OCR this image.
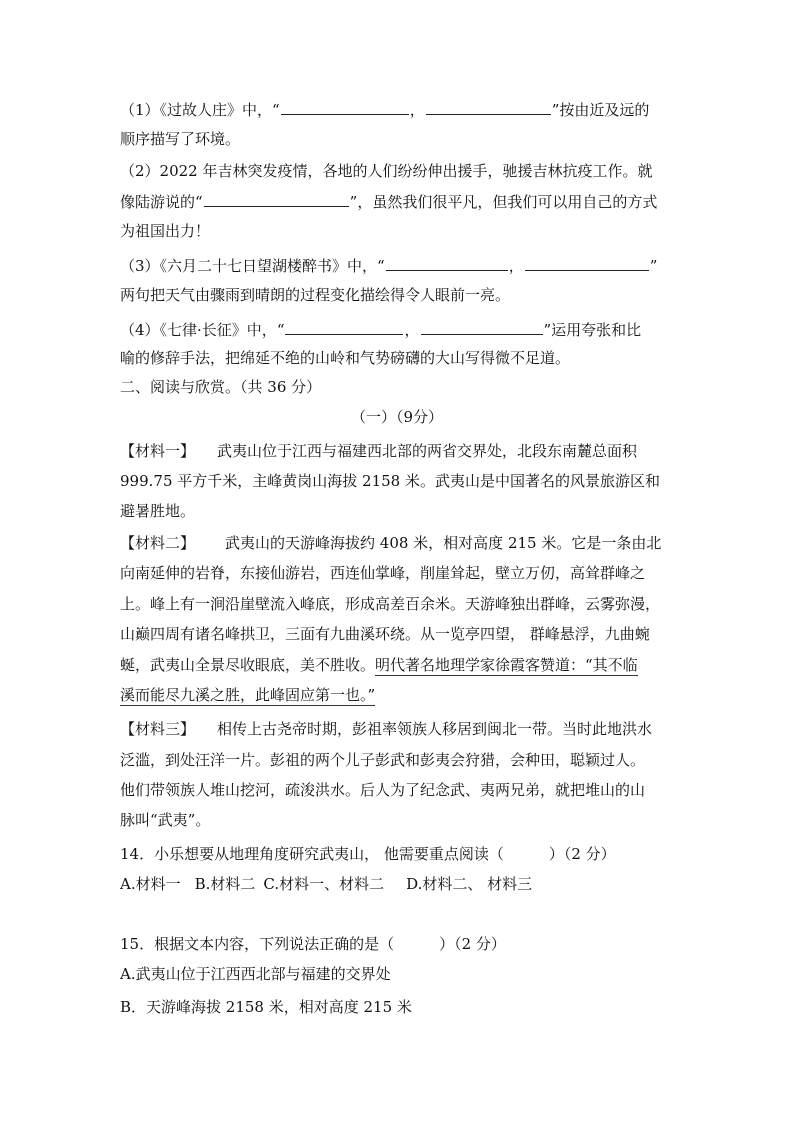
（1）《过故人庄》中，“	，	”按由近及远的
顺序描写了环境。
（2）2022 年吉林突发疫情，各地的人们纷纷伸出援手，驰援吉林抗疫工作。就
像陆游说的“	”，虽然我们很平凡，但我们可以用自己的方式
为祖国出力！
（3）《六月二十七日望湖楼醉书》中，“	，	”
两句把天气由骤雨到晴朗的过程变化描绘得令人眼前一亮。
（4）《七律·长征》中，“	，	”运用夸张和比
喻的修辞手法，把绵延不绝的山岭和气势磅礴的大山写得微不足道。
二、阅读与欣赏。（共 36 分）
（一）（9分）
【材料一】 武夷山位于江西与福建西北部的两省交界处，北段东南麓总面积
999.75 平方千米，主峰黄岗山海拔 2158 米。武夷山是中国著名的风景旅游区和
避暑胜地。
【材料二】 武夷山的天游峰海拔约 408 米，相对高度 215 米。它是一条由北
向南延伸的岩脊，东接仙游岩，西连仙掌峰，削崖耸起，壁立万仞，高耸群峰之
上。峰上有一涧沿崖壁流入峰底，形成高差百余米。天游峰独出群峰，云雾弥漫，
山巅四周有诸名峰拱卫，三面有九曲溪环绕。从一览亭四望， 群峰悬浮，九曲蜿
蜒，武夷山全景尽收眼底，美不胜收。明代著名地理学家徐霞客赞道：“其不临
溪而能尽九溪之胜，此峰固应第一也。”
【材料三】 相传上古尧帝时期，彭祖率领族人移居到闽北一带。当时此地洪水
泛滥，到处汪洋一片。彭祖的两个儿子彭武和彭夷会狩猎，会种田，聪颖过人。
他们带领族人堆山挖河，疏浚洪水。后人为了纪念武、夷两兄弟，就把堆山的山
脉叫“武夷”。
14．小乐想要从地理角度研究武夷山， 他需要重点阅读（　　　）（2 分）
A.材料一 B.材料二 C.材料一、材料二 D.材料二、 材料三
15．根据文本内容，下列说法正确的是（　　　）（2 分）
A.武夷山位于江西西北部与福建的交界处
B．天游峰海拔 2158 米，相对高度 215 米
